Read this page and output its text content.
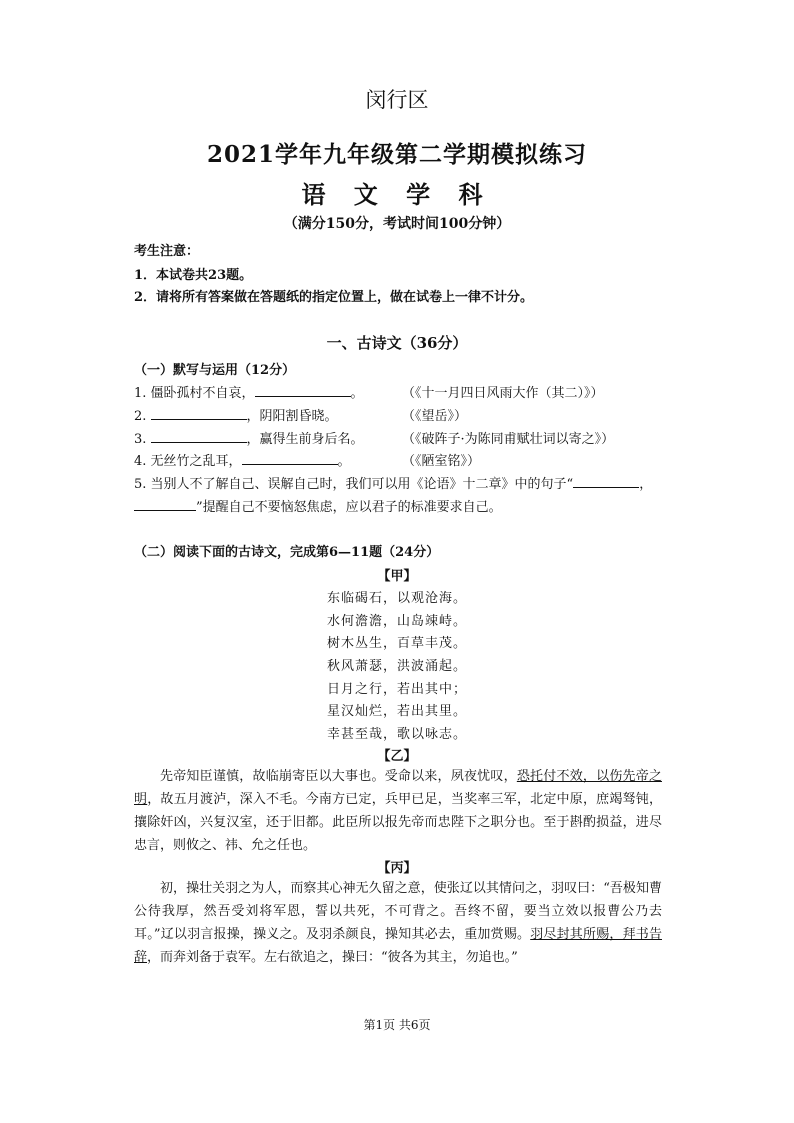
闵行区
2021学年九年级第二学期模拟练习
语 文 学 科
（满分150分，考试时间100分钟）
考生注意：
1．本试卷共23题。
2．请将所有答案做在答题纸的指定位置上，做在试卷上一律不计分。
一、古诗文（36分）
（一）默写与运用（12分）
1. 僵卧孤村不自哀，	。	（《十一月四日风雨大作（其二）》）
2.	，阴阳割昏晓。	（《望岳》）
3.	，赢得生前身后名。	（《破阵子·为陈同甫赋壮词以寄之》）
4. 无丝竹之乱耳，	。	（《陋室铭》）
5. 当别人不了解自己、误解自己时，我们可以用《论语》十二章》中的句子“	，
”提醒自己不要恼怒焦虑，应以君子的标准要求自己。
（二）阅读下面的古诗文，完成第6—11题（24分）
【甲】
东临碣石，以观沧海。
水何澹澹，山岛竦峙。
树木丛生，百草丰茂。
秋风萧瑟，洪波涌起。
日月之行，若出其中；
星汉灿烂，若出其里。
幸甚至哉，歌以咏志。
【乙】

先帝知臣谨慎，故临崩寄臣以大事也。受命以来，夙夜忧叹，恐托付不效，以伤先帝之明，故五月渡泸，深入不毛。今南方已定，兵甲已足，当奖率三军，北定中原，庶竭驽钝，攘除奸凶，兴复汉室，还于旧都。此臣所以报先帝而忠陛下之职分也。至于斟酌损益，进尽忠言，则攸之、祎、允之任也。

【丙】

初，操壮关羽之为人，而察其心神无久留之意，使张辽以其情问之，羽叹曰：“吾极知曹公待我厚，然吾受刘将军恩，誓以共死，不可背之。吾终不留，要当立效以报曹公乃去耳。”辽以羽言报操，操义之。及羽杀颜良，操知其必去，重加赏赐。羽尽封其所赐，拜书告辞，而奔刘备于袁军。左右欲追之，操曰：“彼各为其主，勿追也。”

第1页 共6页
